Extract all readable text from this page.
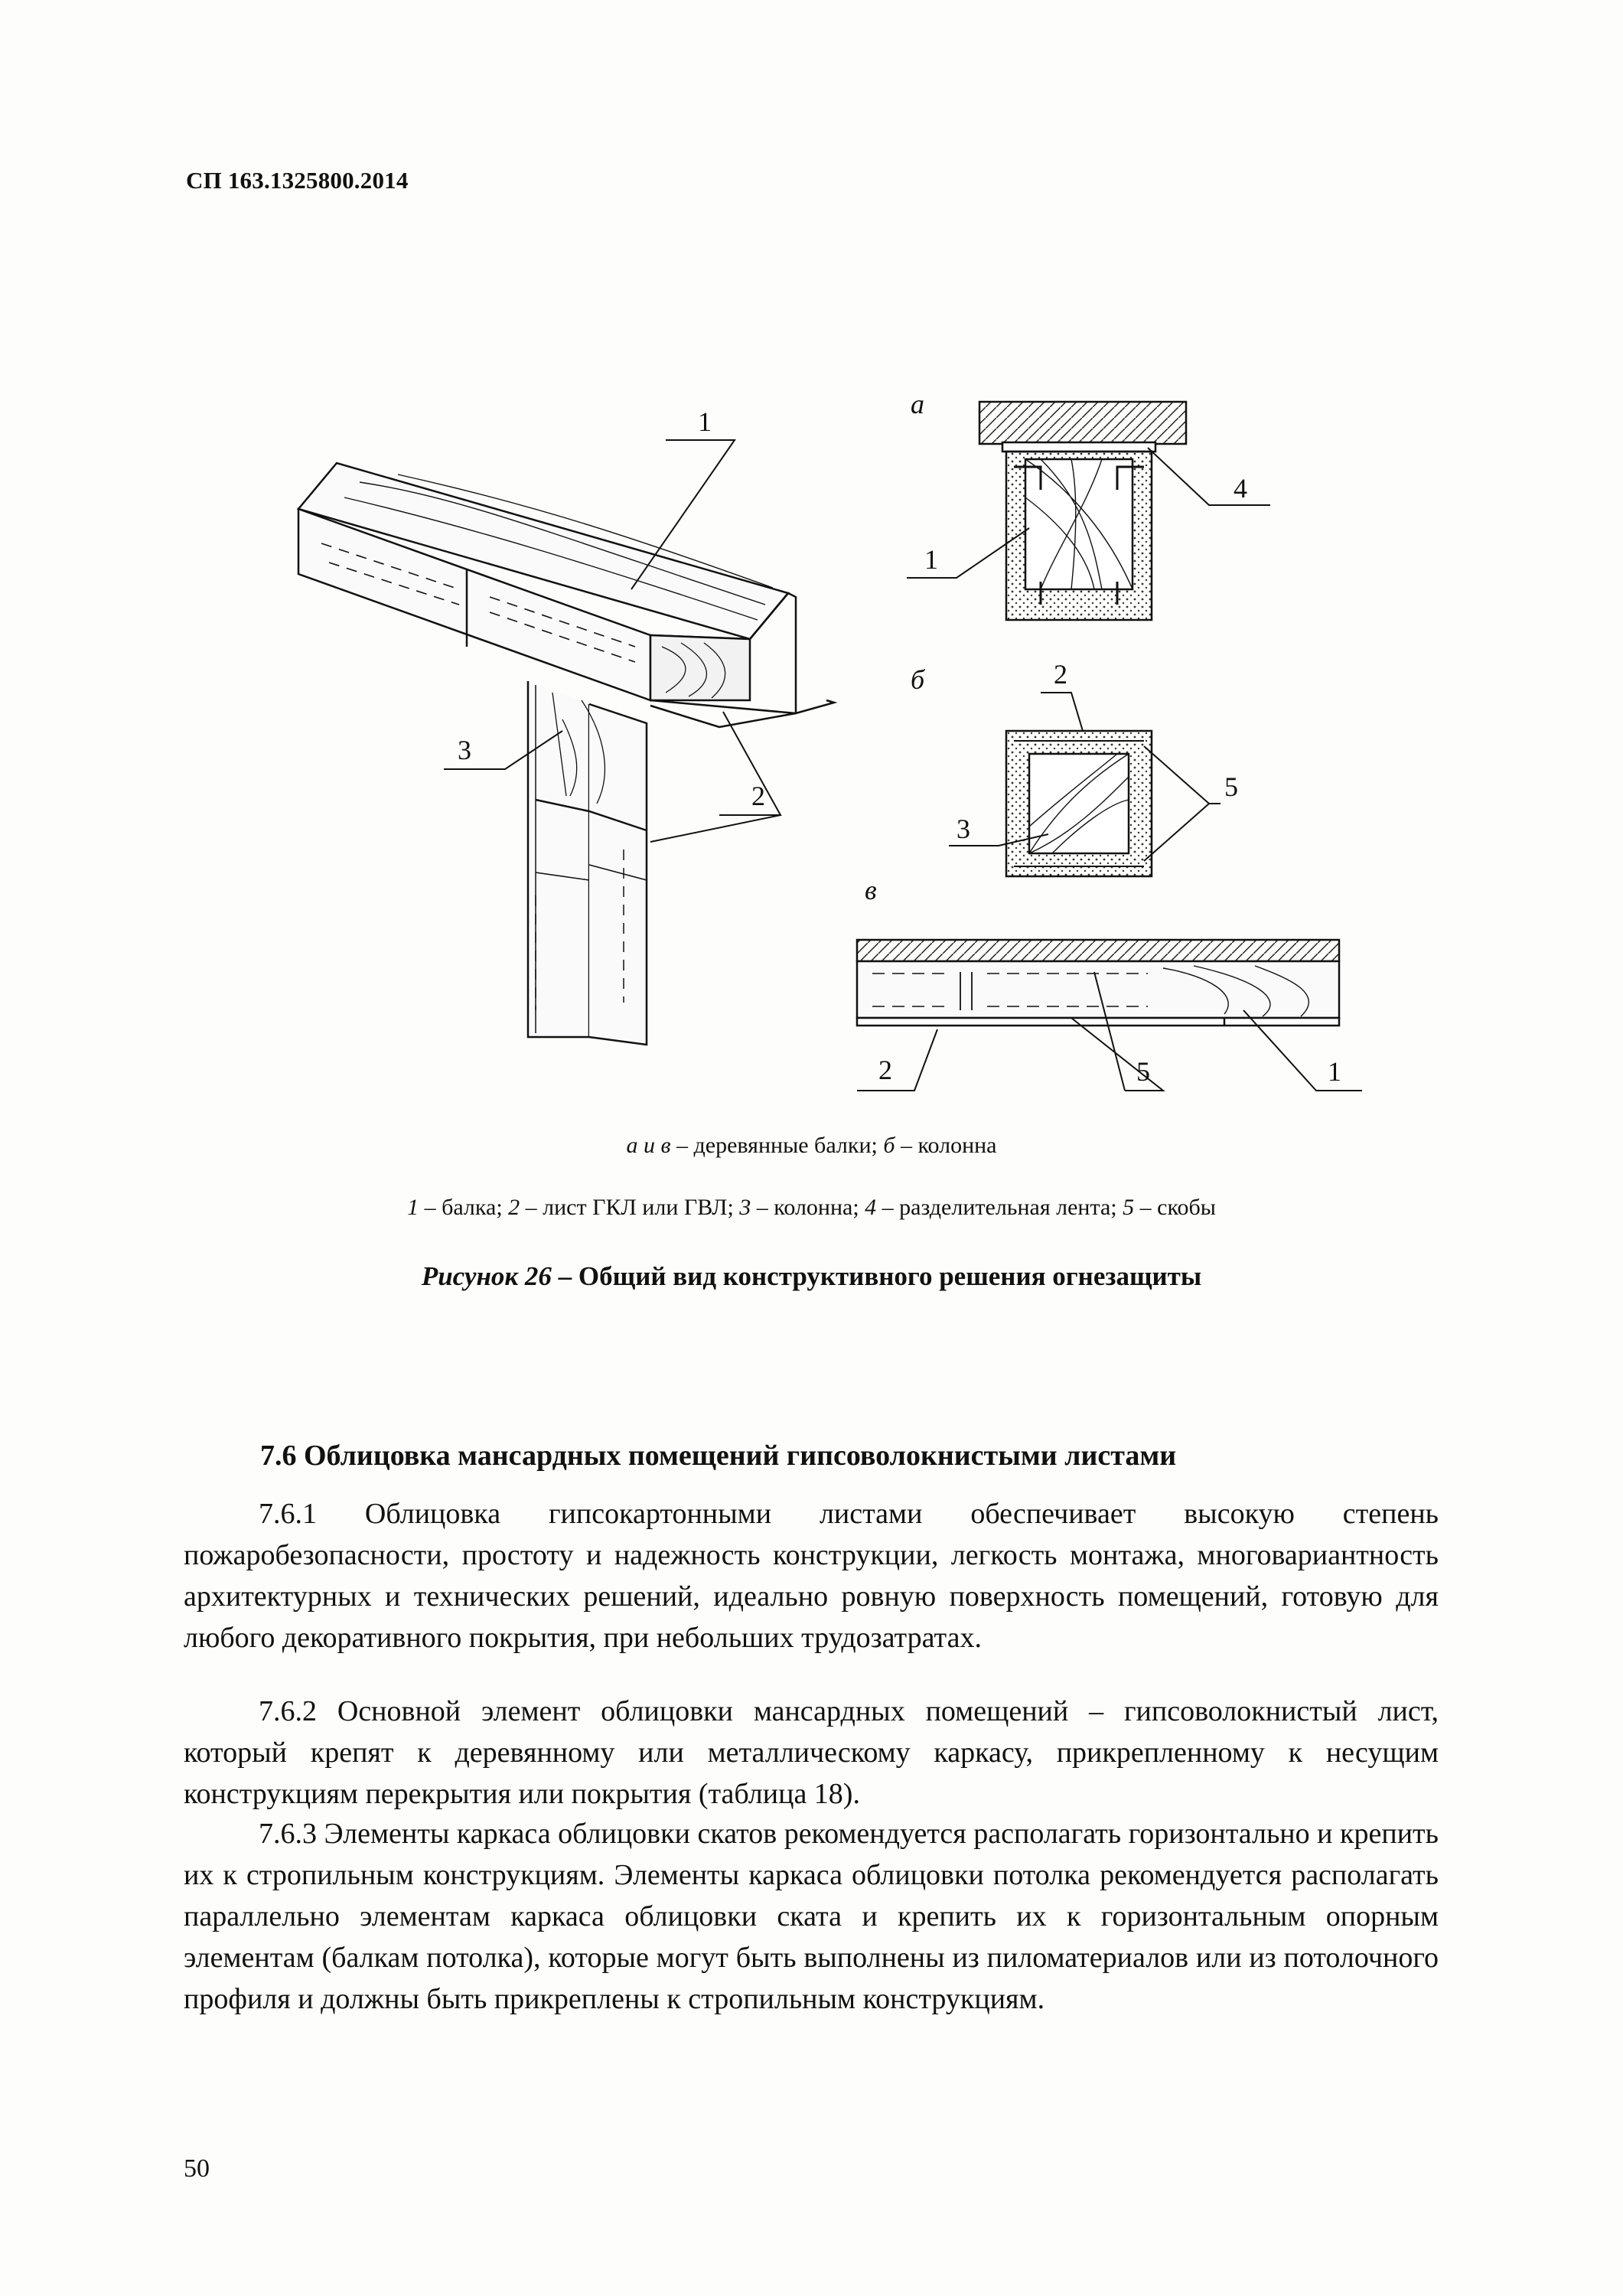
СП 163.1325800.2014
1
3
2
а
4
1
б	2
5
3
в
2	5	1
а и в – деревянные балки; б – колонна
1 – балка; 2 – лист ГКЛ или ГВЛ; 3 – колонна; 4 – разделительная лента; 5 – скобы
Рисунок 26 – Общий вид конструктивного решения огнезащиты
7.6 Облицовка мансардных помещений гипсоволокнистыми листами

7.6.1 Облицовка гипсокартонными листами обеспечивает высокую степень пожаробезопасности, простоту и надежность конструкции, легкость монтажа, многовариантность архитектурных и технических решений, идеально ровную поверхность помещений, готовую для любого декоративного покрытия, при небольших трудозатратах.

7.6.2 Основной элемент облицовки мансардных помещений – гипсоволокнистый лист, который крепят к деревянному или металлическому каркасу, прикрепленному к несущим конструкциям перекрытия или покрытия (таблица 18).

7.6.3 Элементы каркаса облицовки скатов рекомендуется располагать горизонтально и крепить их к стропильным конструкциям. Элементы каркаса облицовки потолка рекомендуется располагать параллельно элементам каркаса облицовки ската и крепить их к горизонтальным опорным элементам (балкам потолка), которые могут быть выполнены из пиломатериалов или из потолочного профиля и должны быть прикреплены к стропильным конструкциям.

50
